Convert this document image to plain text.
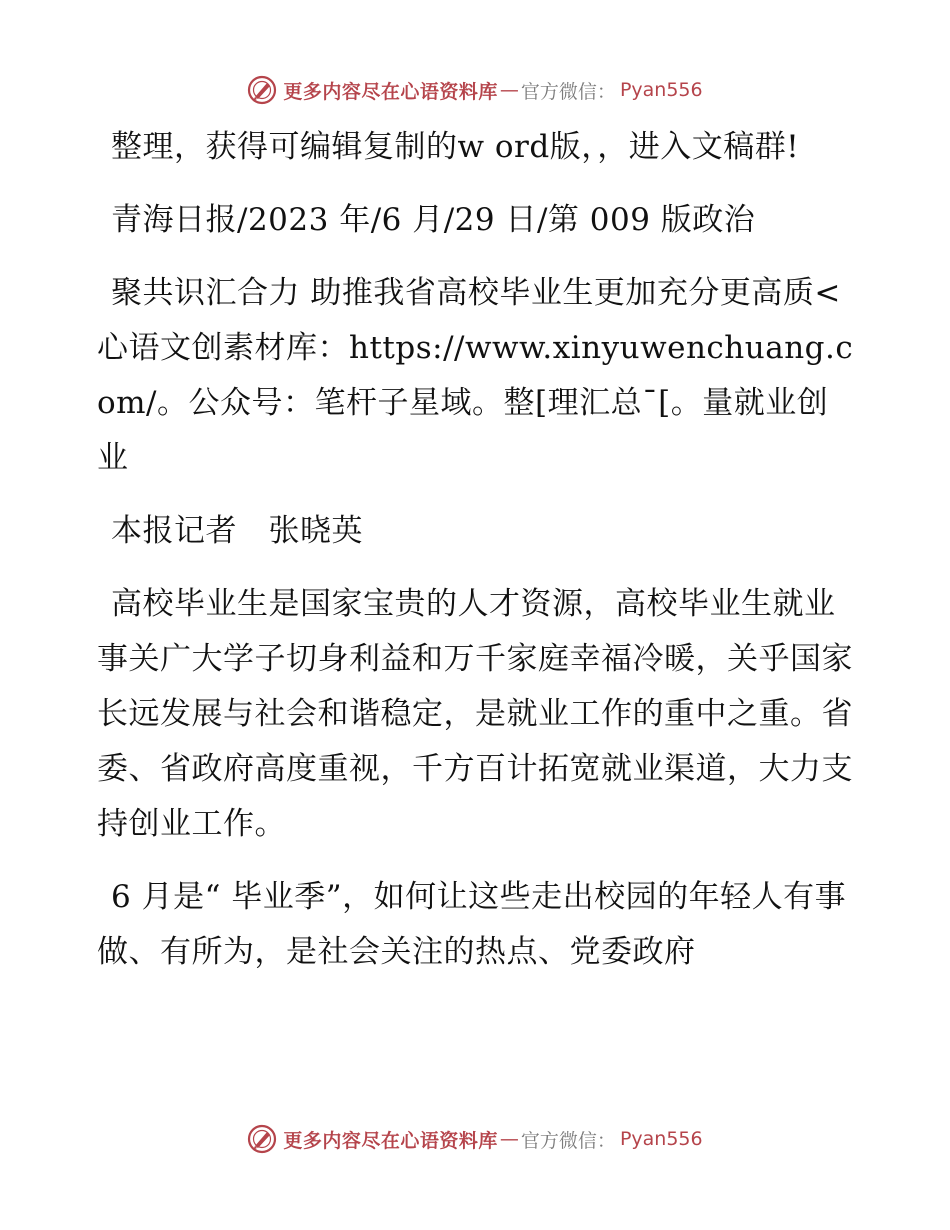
更多内容尽在心语资料库 — 官方微信： Pyan556

整理，获得可编辑复制的w ord版，，进入文稿群!

青海日报/2023 年/6 月/29 日/第 009 版政治

聚共识汇合力 助推我省高校毕业生更加充分更高质<心语文创素材库：https://www.xinyuwenchuang.com/。公众号：笔杆子星域。整[理汇总¯[。量就业创业

本报记者　张晓英

高校毕业生是国家宝贵的人才资源，高校毕业生就业事关广大学子切身利益和万千家庭幸福冷暖，关乎国家长远发展与社会和谐稳定，是就业工作的重中之重。省委、省政府高度重视，千方百计拓宽就业渠道，大力支持创业工作。

6 月是“ 毕业季”，如何让这些走出校园的年轻人有事做、有所为，是社会关注的热点、党委政府

更多内容尽在心语资料库 — 官方微信： Pyan556
